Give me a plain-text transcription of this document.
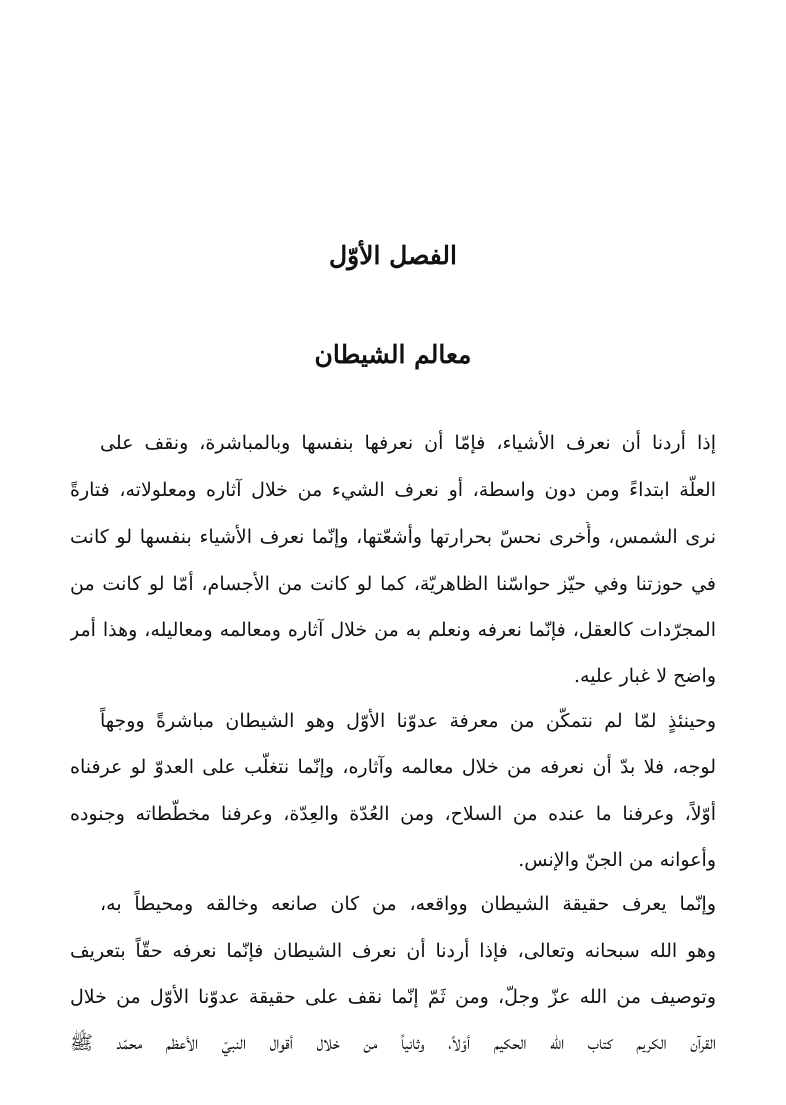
الفصل الأوّل
معالم الشيطان
إذا أردنا أن نعرف الأشياء، فإمّا أن نعرفها بنفسها وبالمباشرة، ونقف على
العلّة ابتداءً ومن دون واسطة، أو نعرف الشيء من خلال آثاره ومعلولاته، فتارةً
نرى الشمس، وأُخرى نحسّ بحرارتها وأشعّتها، وإنّما نعرف الأشياء بنفسها لو كانت
في حوزتنا وفي حيّز حواسّنا الظاهريّة، كما لو كانت من الأجسام، أمّا لو كانت من
المجرّدات كالعقل، فإنّما نعرفه ونعلم به من خلال آثاره ومعالمه ومعاليله، وهذا أمر
واضح لا غبار عليه.
وحينئذٍ لمّا لم نتمكّن من معرفة عدوّنا الأوّل وهو الشيطان مباشرةً ووجهاً
لوجه، فلا بدّ أن نعرفه من خلال معالمه وآثاره، وإنّما نتغلّب على العدوّ لو عرفناه
أوّلاً، وعرفنا ما عنده من السلاح، ومن العُدّة والعِدّة، وعرفنا مخطّطاته وجنوده
وأعوانه من الجنّ والإنس.
وإنّما يعرف حقيقة الشيطان وواقعه، من كان صانعه وخالقه ومحيطاً به،
وهو الله سبحانه وتعالى، فإذا أردنا أن نعرف الشيطان فإنّما نعرفه حقّاً بتعريف
وتوصيف من الله عزّ وجلّ، ومن ثَمّ إنّما نقف على حقيقة عدوّنا الأوّل من خلال
القرآن الكريم كتاب الله الحكيم أوّلاً، وثانياً من خلال أقوال النبيّ الأعظم محمّد ﷺ
